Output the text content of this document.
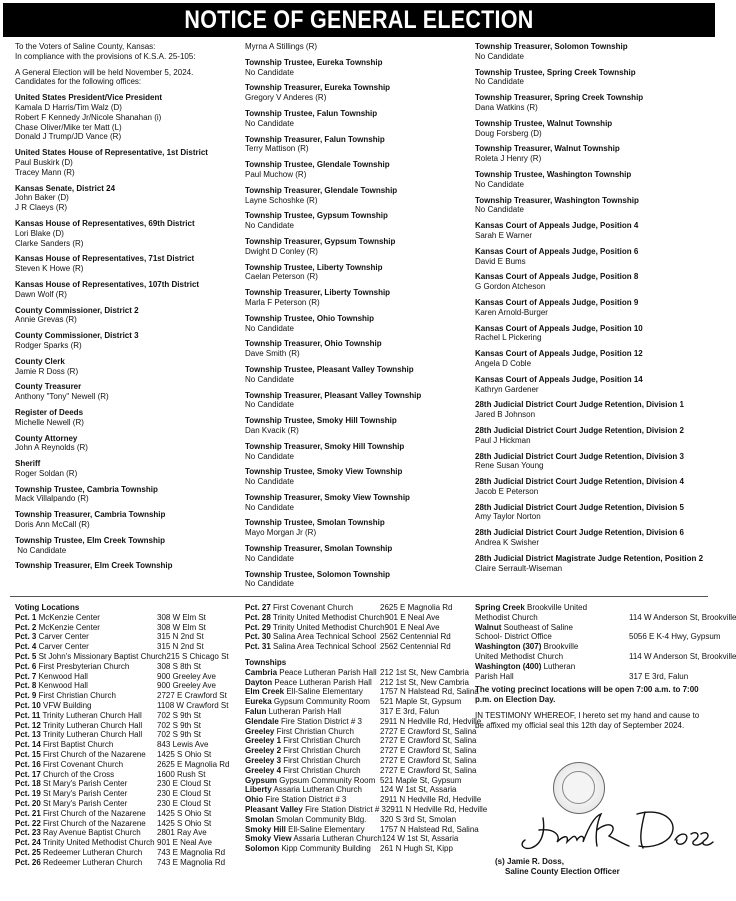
NOTICE OF GENERAL ELECTION

To the Voters of Saline County, Kansas:

In compliance with the provisions of K.S.A. 25-105:

A General Election will be held November 5, 2024.

Candidates for the following offices:

United States President/Vice President
Kamala D Harris/Tim Walz (D)
Robert F Kennedy Jr/Nicole Shanahan (i)
Chase Oliver/Mike ter Matt (L)
Donald J Trump/JD Vance (R)
United States House of Representative, 1st District
Paul Buskirk (D)
Tracey Mann (R)
Kansas Senate, District 24
John Baker (D)
J R Claeys (R)
Kansas House of Representatives, 69th District
Lori Blake (D)
Clarke Sanders (R)
Kansas House of Representatives, 71st District
Steven K Howe (R)
Kansas House of Representatives, 107th District
Dawn Wolf (R)
County Commissioner, District 2
Annie Grevas (R)
County Commissioner, District 3
Rodger Sparks (R)
County Clerk
Jamie R Doss (R)
County Treasurer
Anthony "Tony" Newell (R)
Register of Deeds
Michelle Newell (R)
County Attorney
John A Reynolds (R)
Sheriff
Roger Soldan (R)
Township Trustee, Cambria Township
Mack Villalpando (R)
Township Treasurer, Cambria Township
Doris Ann McCall (R)
Township Trustee, Elm Creek Township
No Candidate
Township Treasurer, Elm Creek Township
Myrna A Stillings (R)
Township Trustee, Eureka Township
No Candidate
Township Treasurer, Eureka Township
Gregory V Anderes (R)
Township Trustee, Falun Township
No Candidate
Township Treasurer, Falun Township
Terry Mattison (R)
Township Trustee, Glendale Township
Paul Muchow (R)
Township Treasurer, Glendale Township
Layne Schoshke (R)
Township Trustee, Gypsum Township
No Candidate
Township Treasurer, Gypsum Township
Dwight D Conley (R)
Township Trustee, Liberty Township
Caelan Peterson (R)
Township Treasurer, Liberty Township
Marla F Peterson (R)
Township Trustee, Ohio Township
No Candidate
Township Treasurer, Ohio Township
Dave Smith (R)
Township Trustee, Pleasant Valley Township
No Candidate
Township Treasurer, Pleasant Valley Township
No Candidate
Township Trustee, Smoky Hill Township
Dan Kvacik (R)
Township Treasurer, Smoky Hill Township
No Candidate
Township Trustee, Smoky View Township
No Candidate
Township Treasurer, Smoky View Township
No Candidate
Township Trustee, Smolan Township
Mayo Morgan Jr (R)
Township Treasurer, Smolan Township
No Candidate
Township Trustee, Solomon Township
No Candidate
Township Treasurer, Solomon Township
No Candidate
Township Trustee, Spring Creek Township
No Candidate
Township Treasurer, Spring Creek Township
Dana Watkins (R)
Township Trustee, Walnut Township
Doug Forsberg (D)
Township Treasurer, Walnut Township
Roleta J Henry (R)
Township Trustee, Washington Township
No Candidate
Township Treasurer, Washington Township
No Candidate
Kansas Court of Appeals Judge, Position 4
Sarah E Warner
Kansas Court of Appeals Judge, Position 6
David E Bums
Kansas Court of Appeals Judge, Position 8
G Gordon Atcheson
Kansas Court of Appeals Judge, Position 9
Karen Arnold-Burger
Kansas Court of Appeals Judge, Position 10
Rachel L Pickering
Kansas Court of Appeals Judge, Position 12
Angela D Coble
Kansas Court of Appeals Judge, Position 14
Kathryn Gardener
28th Judicial District Court Judge Retention, Division 1
Jared B Johnson
28th Judicial District Court Judge Retention, Division 2
Paul J Hickman
28th Judicial District Court Judge Retention, Division 3
Rene Susan Young
28th Judicial District Court Judge Retention, Division 4
Jacob E Peterson
28th Judicial District Court Judge Retention, Division 5
Amy Taylor Norton
28th Judicial District Court Judge Retention, Division 6
Andrea K Swisher
28th Judicial District Magistrate Judge Retention, Position 2
Claire Serrault-Wiseman
Voting Locations
Pct. 1 McKenzie Center	308 W Elm St
Pct. 2 McKenzie Center	308 W Elm St
Pct. 3 Carver Center	315 N 2nd St
Pct. 4 Carver Center	315 N 2nd St
Pct. 5 St John's Missionary Baptist Church 215 S Chicago St
Pct. 6 First Presbyterian Church	308 S 8th St
Pct. 7 Kenwood Hall	900 Greeley Ave
Pct. 8 Kenwood Hall	900 Greeley Ave
Pct. 9 First Christian Church	2727 E Crawford St
Pct. 10 VFW Building	1108 W Crawford St
Pct. 11 Trinity Lutheran Church Hall	702 S 9th St
Pct. 12 Trinity Lutheran Church Hall	702 S 9th St
Pct. 13 Trinity Lutheran Church Hall	702 S 9th St
Pct. 14 First Baptist Church	843 Lewis Ave
Pct. 15 First Church of the Nazarene	1425 S Ohio St
Pct. 16 First Covenant Church	2625 E Magnolia Rd
Pct. 17 Church of the Cross	1600 Rush St
Pct. 18 St Mary's Parish Center	230 E Cloud St
Pct. 19 St Mary's Parish Center	230 E Cloud St
Pct. 20 St Mary's Parish Center	230 E Cloud St
Pct. 21 First Church of the Nazarene	1425 S Ohio St
Pct. 22 First Church of the Nazarene	1425 S Ohio St
Pct. 23 Ray Avenue Baptist Church	2801 Ray Ave
Pct. 24 Trinity United Methodist Church 901 E Neal Ave
Pct. 25 Redeemer Lutheran Church	743 E Magnolia Rd
Pct. 26 Redeemer Lutheran Church	743 E Magnolia Rd
Pct. 27 First Covenant Church	2625 E Magnolia Rd
Pct. 28 Trinity United Methodist Church 901 E Neal Ave
Pct. 29 Trinity United Methodist Church 901 E Neal Ave
Pct. 30 Salina Area Technical School 2562 Centennial Rd
Pct. 31 Salina Area Technical School 2562 Centennial Rd
Townships
Cambria Peace Lutheran Parish Hall 212 1st St, New Cambria
Dayton Peace Lutheran Parish Hall	212 1st St, New Cambria
Elm Creek Ell-Saline Elementary	1757 N Halstead Rd, Salina
Eureka Gypsum Community Room	521 Maple St, Gypsum
Falun Lutheran Parish Hall	317 E 3rd, Falun
Glendale Fire Station District # 3	2911 N Hedville Rd, Hedville
Greeley First Christian Church	2727 E Crawford St, Salina
Greeley 1 First Christian Church	2727 E Crawford St, Salina
Greeley 2 First Christian Church	2727 E Crawford St, Salina
Greeley 3 First Christian Church	2727 E Crawford St, Salina
Greeley 4 First Christian Church	2727 E Crawford St, Salina
Gypsum Gypsum Community Room 521 Maple St, Gypsum
Liberty Assaria Lutheran Church	124 W 1st St, Assaria
Ohio Fire Station District # 3	2911 N Hedville Rd, Hedville
Pleasant Valley Fire Station District # 3 2911 N Hedville Rd, Hedville
Smolan Smolan Community Bldg.	320 S 3rd St, Smolan
Smoky Hill Ell-Saline Elementary	1757 N Halstead Rd, Salina
Smoky View Assaria Lutheran Church 124 W 1st St, Assaria
Solomon Kipp Community Building	261 N Hugh St, Kipp
Spring Creek Brookville United
Methodist Church	114 W Anderson St, Brookville
Walnut Southeast of Saline
School- District Office	5056 E K-4 Hwy, Gypsum
Washington (307) Brookville
United Methodist Church	114 W Anderson St, Brookville
Washington (400) Lutheran
Parish Hall	317 E 3rd, Falun
The voting precinct locations will be open 7:00 a.m. to 7:00 p.m. on Election Day.
IN TESTIMONY WHEREOF, I hereto set my hand and cause to be affixed my official seal this 12th day of September 2024.
(s) Jamie R. Doss,
Saline County Election Officer
